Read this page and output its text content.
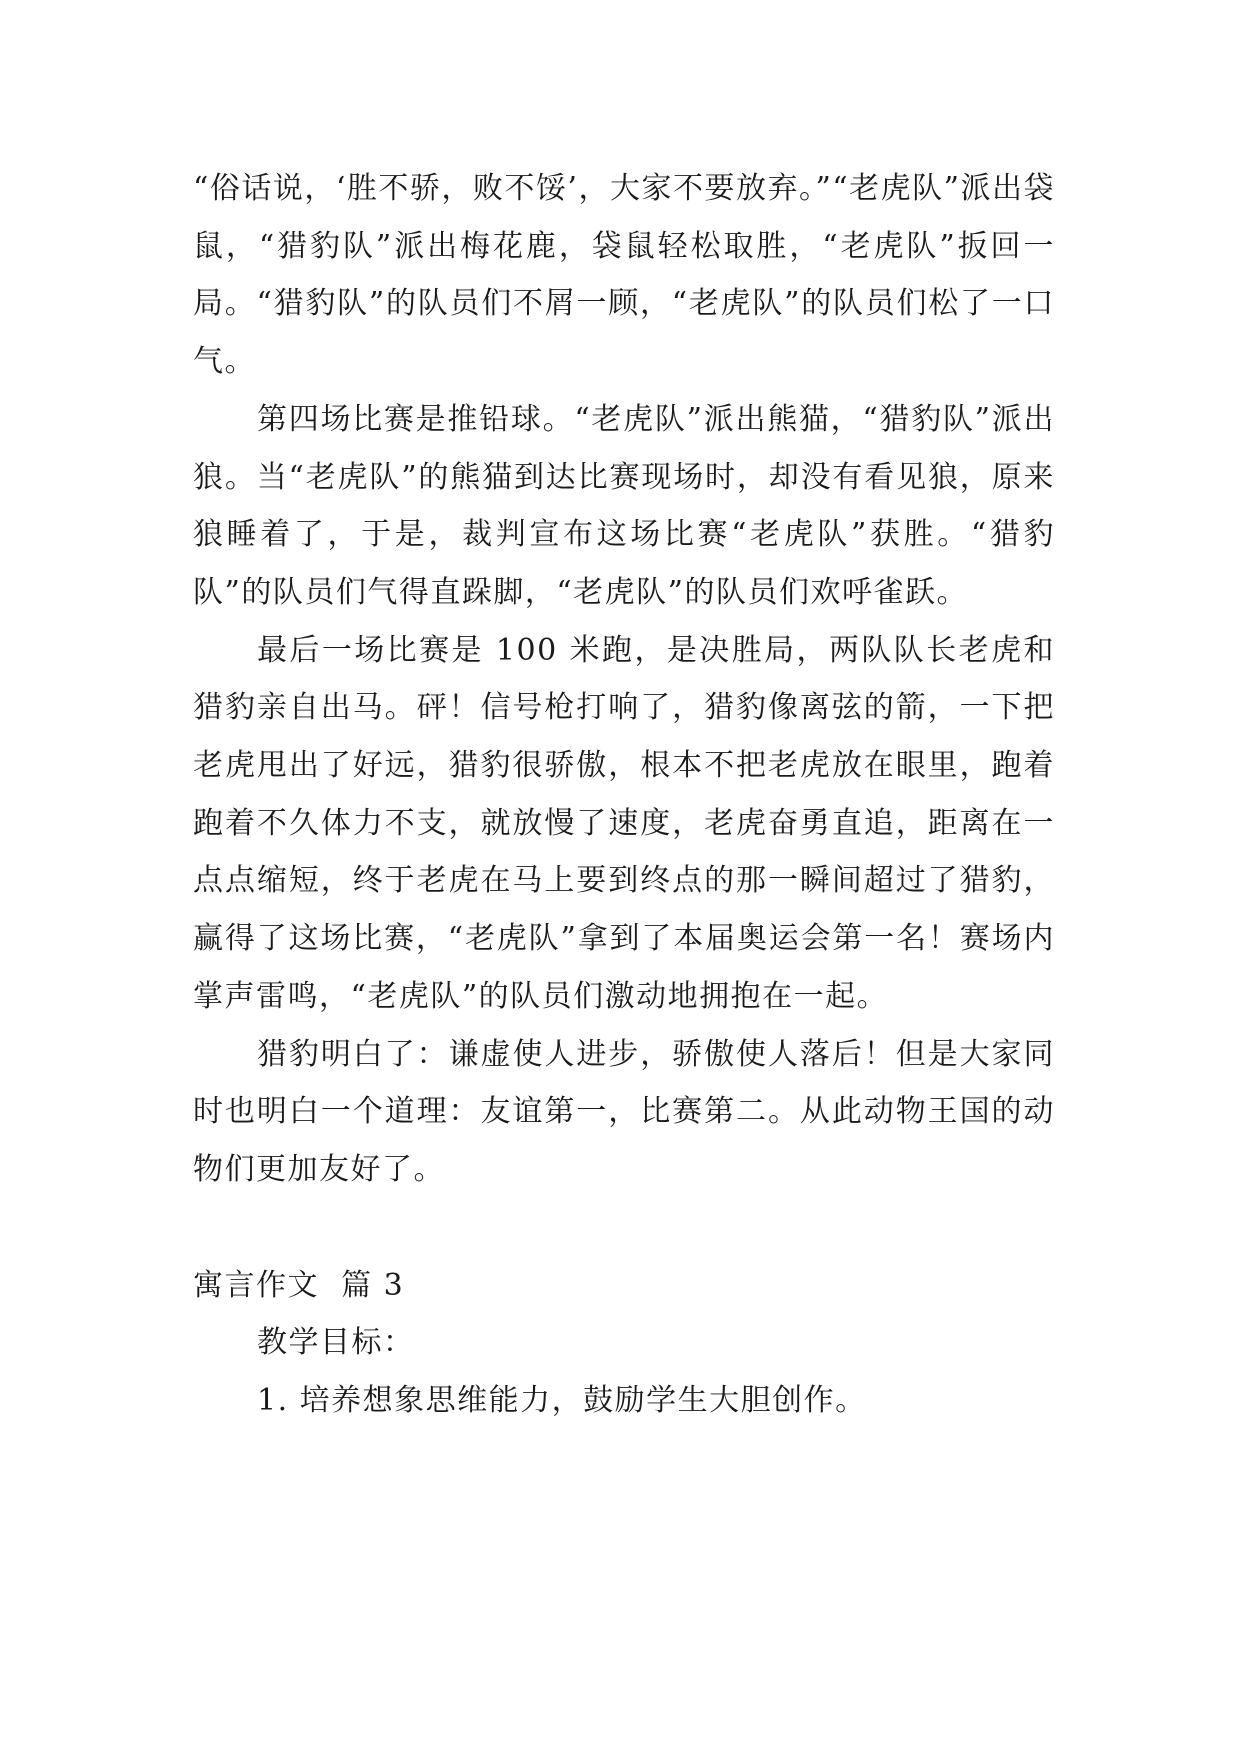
“俗话说，‘胜不骄，败不馁’，大家不要放弃。”“老虎队”派出袋鼠，“猎豹队”派出梅花鹿，袋鼠轻松取胜，“老虎队”扳回一局。“猎豹队”的队员们不屑一顾，“老虎队”的队员们松了一口气。

第四场比赛是推铅球。“老虎队”派出熊猫，“猎豹队”派出狼。当“老虎队”的熊猫到达比赛现场时，却没有看见狼，原来狼睡着了，于是，裁判宣布这场比赛“老虎队”获胜。“猎豹队”的队员们气得直跺脚，“老虎队”的队员们欢呼雀跃。

最后一场比赛是 100 米跑，是决胜局，两队队长老虎和猎豹亲自出马。砰！信号枪打响了，猎豹像离弦的箭，一下把老虎甩出了好远，猎豹很骄傲，根本不把老虎放在眼里，跑着跑着不久体力不支，就放慢了速度，老虎奋勇直追，距离在一点点缩短，终于老虎在马上要到终点的那一瞬间超过了猎豹，赢得了这场比赛，“老虎队”拿到了本届奥运会第一名！赛场内掌声雷鸣，“老虎队”的队员们激动地拥抱在一起。

猎豹明白了：谦虚使人进步，骄傲使人落后！但是大家同时也明白一个道理：友谊第一，比赛第二。从此动物王国的动物们更加友好了。

寓言作文  篇 3

教学目标：

1. 培养想象思维能力，鼓励学生大胆创作。
